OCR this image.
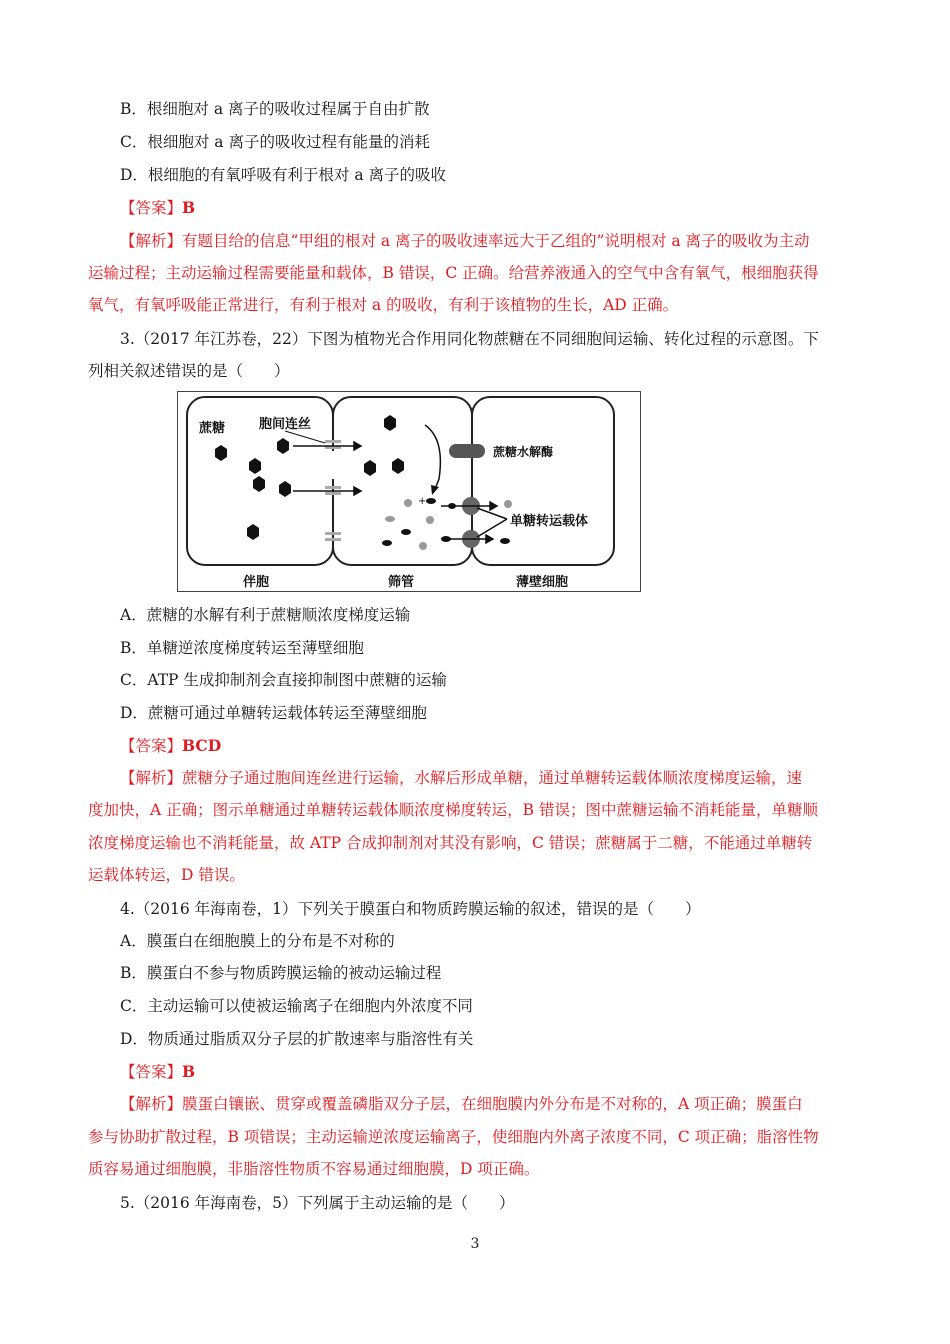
B．根细胞对 a 离子的吸收过程属于自由扩散
C．根细胞对 a 离子的吸收过程有能量的消耗
D．根细胞的有氧呼吸有利于根对 a 离子的吸收
【答案】B
【解析】有题目给的信息“甲组的根对 a 离子的吸收速率远大于乙组的”说明根对 a 离子的吸收为主动
运输过程；主动运输过程需要能量和载体，B 错误，C 正确。给营养液通入的空气中含有氧气，根细胞获得
氧气，有氧呼吸能正常进行，有利于根对 a 的吸收，有利于该植物的生长，AD 正确。
3.（2017 年江苏卷，22）下图为植物光合作用同化物蔗糖在不同细胞间运输、转化过程的示意图。下
列相关叙述错误的是（　　）
+
蔗糖	胞间连丝
蔗糖水解酶
单糖转运载体
伴胞	筛管	薄壁细胞
A．蔗糖的水解有利于蔗糖顺浓度梯度运输
B．单糖逆浓度梯度转运至薄壁细胞
C．ATP 生成抑制剂会直接抑制图中蔗糖的运输
D．蔗糖可通过单糖转运载体转运至薄壁细胞
【答案】BCD
【解析】蔗糖分子通过胞间连丝进行运输，水解后形成单糖，通过单糖转运载体顺浓度梯度运输，速
度加快，A 正确；图示单糖通过单糖转运载体顺浓度梯度转运，B 错误；图中蔗糖运输不消耗能量，单糖顺
浓度梯度运输也不消耗能量，故 ATP 合成抑制剂对其没有影响，C 错误；蔗糖属于二糖，不能通过单糖转
运载体转运，D 错误。
4.（2016 年海南卷，1）下列关于膜蛋白和物质跨膜运输的叙述，错误的是（　　）
A．膜蛋白在细胞膜上的分布是不对称的
B．膜蛋白不参与物质跨膜运输的被动运输过程
C．主动运输可以使被运输离子在细胞内外浓度不同
D．物质通过脂质双分子层的扩散速率与脂溶性有关
【答案】B
【解析】膜蛋白镶嵌、贯穿或覆盖磷脂双分子层，在细胞膜内外分布是不对称的，A 项正确；膜蛋白
参与协助扩散过程，B 项错误；主动运输逆浓度运输离子，使细胞内外离子浓度不同，C 项正确；脂溶性物
质容易通过细胞膜，非脂溶性物质不容易通过细胞膜，D 项正确。
5.（2016 年海南卷，5）下列属于主动运输的是（　　）
3
